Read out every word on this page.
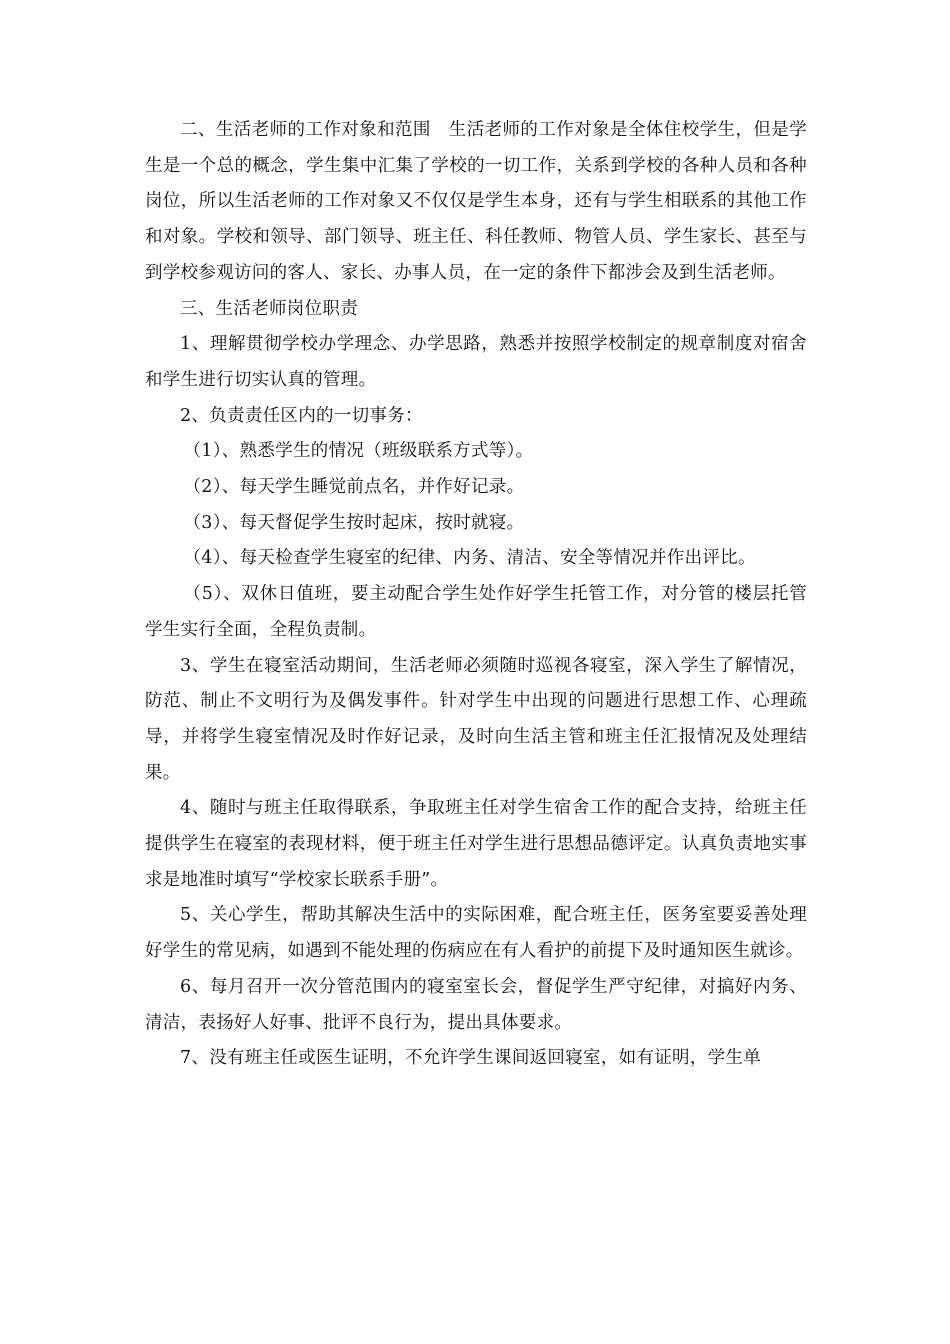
二、生活老师的工作对象和范围　生活老师的工作对象是全体住校学生，但是学生是一个总的概念，学生集中汇集了学校的一切工作，关系到学校的各种人员和各种岗位，所以生活老师的工作对象又不仅仅是学生本身，还有与学生相联系的其他工作和对象。学校和领导、部门领导、班主任、科任教师、物管人员、学生家长、甚至与到学校参观访问的客人、家长、办事人员，在一定的条件下都涉会及到生活老师。

三、生活老师岗位职责

1、理解贯彻学校办学理念、办学思路，熟悉并按照学校制定的规章制度对宿舍和学生进行切实认真的管理。

2、负责责任区内的一切事务：

（1）、熟悉学生的情况（班级联系方式等）。

（2）、每天学生睡觉前点名，并作好记录。

（3）、每天督促学生按时起床，按时就寝。

（4）、每天检查学生寝室的纪律、内务、清洁、安全等情况并作出评比。

（5）、双休日值班，要主动配合学生处作好学生托管工作，对分管的楼层托管学生实行全面，全程负责制。

3、学生在寝室活动期间，生活老师必须随时巡视各寝室，深入学生了解情况，防范、制止不文明行为及偶发事件。针对学生中出现的问题进行思想工作、心理疏导，并将学生寝室情况及时作好记录，及时向生活主管和班主任汇报情况及处理结果。

4、随时与班主任取得联系，争取班主任对学生宿舍工作的配合支持，给班主任提供学生在寝室的表现材料，便于班主任对学生进行思想品德评定。认真负责地实事求是地准时填写“学校家长联系手册”。

5、关心学生，帮助其解决生活中的实际困难，配合班主任，医务室要妥善处理好学生的常见病，如遇到不能处理的伤病应在有人看护的前提下及时通知医生就诊。

6、每月召开一次分管范围内的寝室室长会，督促学生严守纪律，对搞好内务、清洁，表扬好人好事、批评不良行为，提出具体要求。

7、没有班主任或医生证明，不允许学生课间返回寝室，如有证明，学生单
